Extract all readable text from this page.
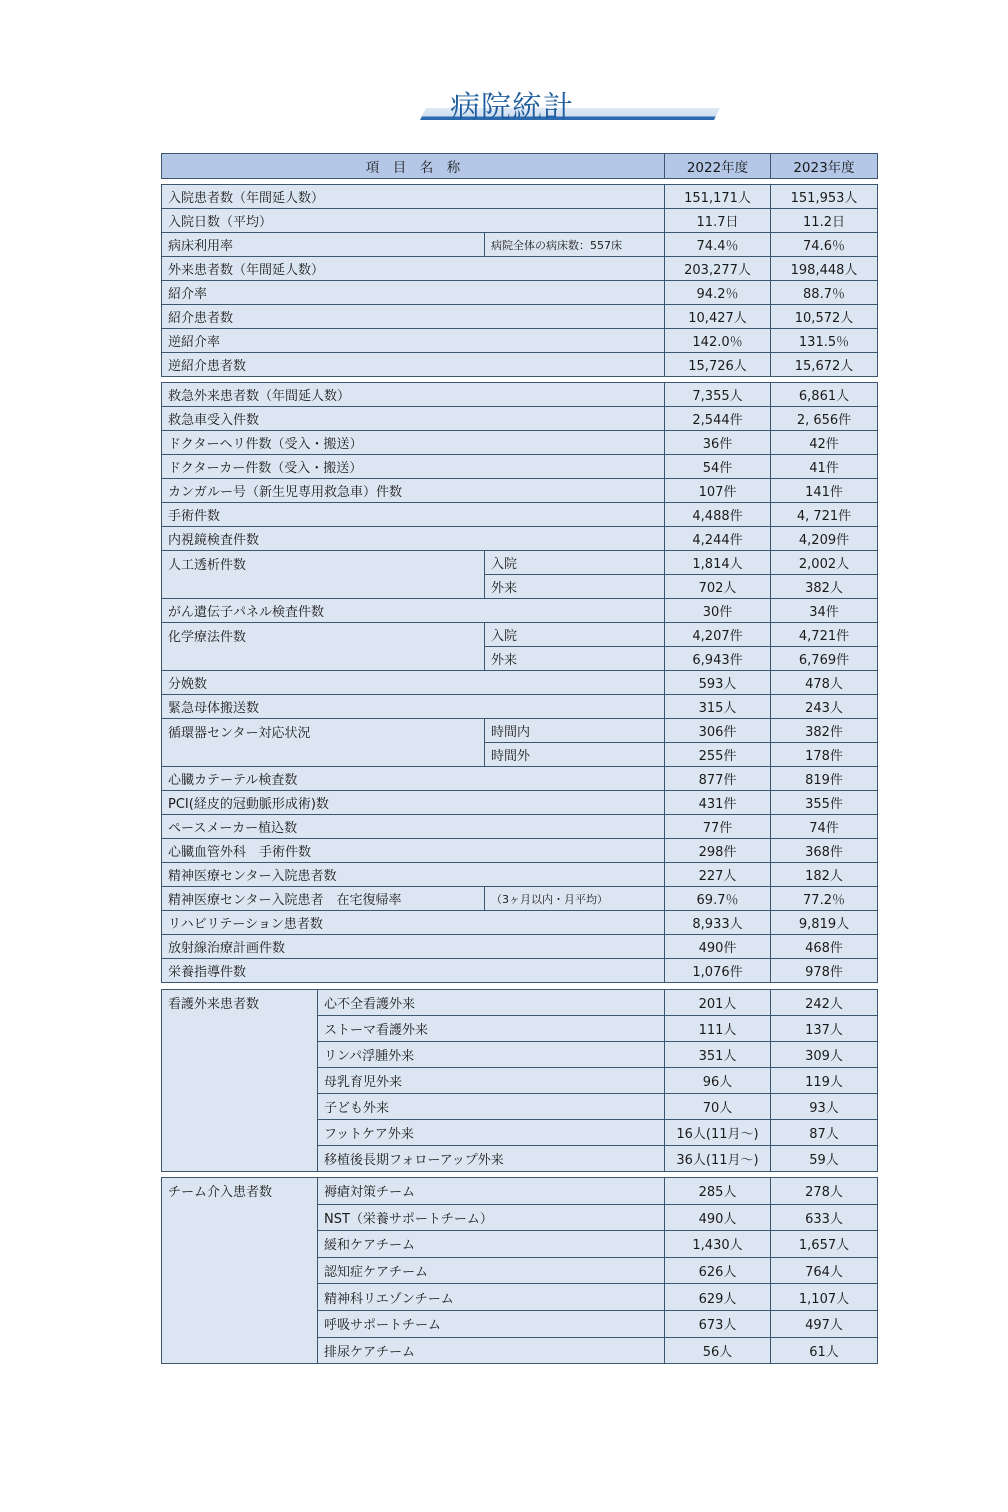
病院統計
項　目　名　称	2022年度	2023年度
入院患者数（年間延人数）		151,171人	151,953人
入院日数（平均）		11.7日	11.2日
病床利用率	病院全体の病床数：557床	74.4％	74.6％
外来患者数（年間延人数）		203,277人	198,448人
紹介率		94.2％	88.7％
紹介患者数		10,427人	10,572人
逆紹介率		142.0％	131.5％
逆紹介患者数		15,726人	15,672人
救急外来患者数（年間延人数）		7,355人	6,861人
救急車受入件数		2,544件	2, 656件
ドクターヘリ件数（受入・搬送）		36件	42件
ドクターカー件数（受入・搬送）		54件	41件
カンガルー号（新生児専用救急車）件数		107件	141件
手術件数		4,488件	4, 721件
内視鏡検査件数		4,244件	4,209件
人工透析件数	入院	1,814人	2,002人
	外来	702人	382人
がん遺伝子パネル検査件数		30件	34件
化学療法件数	入院	4,207件	4,721件
	外来	6,943件	6,769件
分娩数		593人	478人
緊急母体搬送数		315人	243人
循環器センター対応状況	時間内	306件	382件
	時間外	255件	178件
心臓カテーテル検査数		877件	819件
PCI(経皮的冠動脈形成術)数		431件	355件
ペースメーカー植込数		77件	74件
心臓血管外科　手術件数		298件	368件
精神医療センター入院患者数		227人	182人
精神医療センター入院患者　在宅復帰率	（3ヶ月以内・月平均）	69.7％	77.2％
リハビリテーション患者数		8,933人	9,819人
放射線治療計画件数		490件	468件
栄養指導件数		1,076件	978件
看護外来患者数	心不全看護外来	201人	242人
	ストーマ看護外来	111人	137人
	リンパ浮腫外来	351人	309人
	母乳育児外来	96人	119人
	子ども外来	70人	93人
	フットケア外来	16人(11月～)	87人
	移植後長期フォローアップ外来	36人(11月～)	59人
チーム介入患者数	褥瘡対策チーム	285人	278人
	NST（栄養サポートチーム）	490人	633人
	緩和ケアチーム	1,430人	1,657人
	認知症ケアチーム	626人	764人
	精神科リエゾンチーム	629人	1,107人
	呼吸サポートチーム	673人	497人
	排尿ケアチーム	56人	61人
